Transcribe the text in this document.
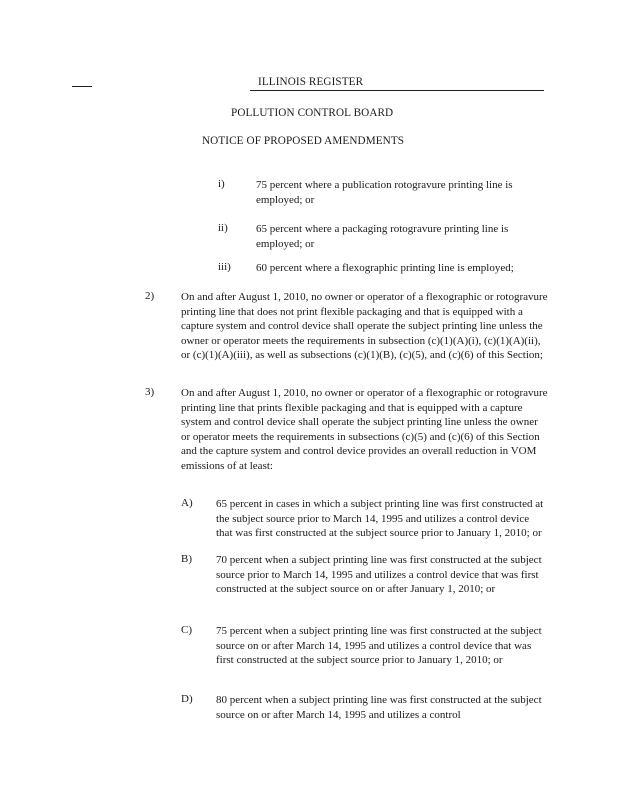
ILLINOIS REGISTER
POLLUTION CONTROL BOARD
NOTICE OF PROPOSED AMENDMENTS
i)	75 percent where a publication rotogravure printing line is employed; or
ii)	65 percent where a packaging rotogravure printing line is employed; or
iii) 60 percent where a flexographic printing line is employed;
2) On and after August 1, 2010, no owner or operator of a flexographic or rotogravure printing line that does not print flexible packaging and that is equipped with a capture system and control device shall operate the subject printing line unless the owner or operator meets the requirements in subsection (c)(1)(A)(i), (c)(1)(A)(ii), or (c)(1)(A)(iii), as well as subsections (c)(1)(B), (c)(5), and (c)(6) of this Section;
3) On and after August 1, 2010, no owner or operator of a flexographic or rotogravure printing line that prints flexible packaging and that is equipped with a capture system and control device shall operate the subject printing line unless the owner or operator meets the requirements in subsections (c)(5) and (c)(6) of this Section and the capture system and control device provides an overall reduction in VOM emissions of at least:
A) 65 percent in cases in which a subject printing line was first constructed at the subject source prior to March 14, 1995 and utilizes a control device that was first constructed at the subject source prior to January 1, 2010; or
B) 70 percent when a subject printing line was first constructed at the subject source prior to March 14, 1995 and utilizes a control device that was first constructed at the subject source on or after January 1, 2010; or
C) 75 percent when a subject printing line was first constructed at the subject source on or after March 14, 1995 and utilizes a control device that was first constructed at the subject source prior to January 1, 2010; or
D) 80 percent when a subject printing line was first constructed at the subject source on or after March 14, 1995 and utilizes a control
